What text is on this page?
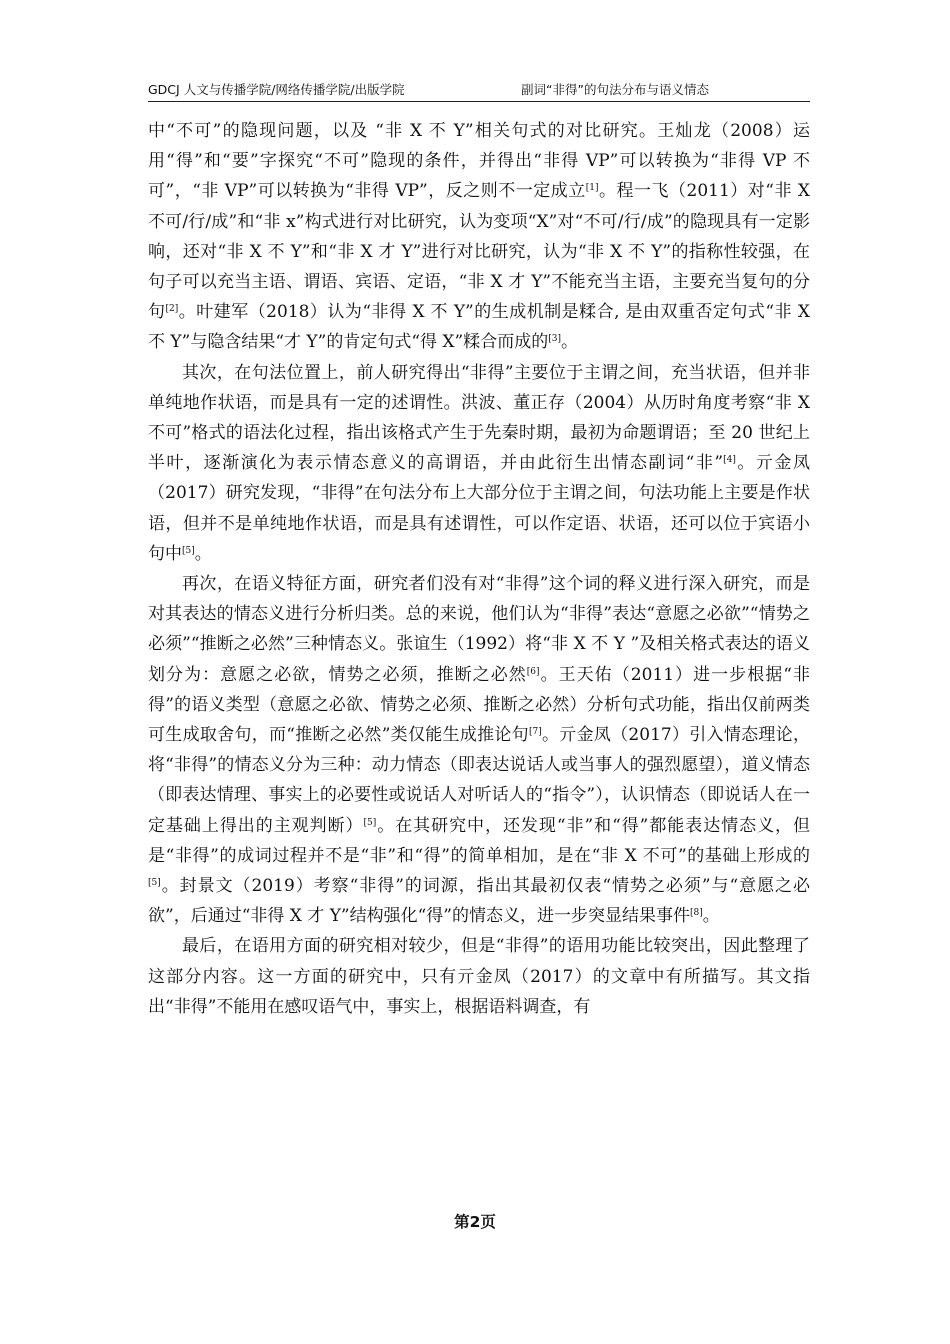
GDCJ 人文与传播学院/网络传播学院/出版学院	副词“非得”的句法分布与语义情态

中“不可”的隐现问题，以及 “非 X 不 Y”相关句式的对比研究。王灿龙（2008）运用“得”和“要”字探究“不可”隐现的条件，并得出“非得 VP”可以转换为“非得 VP 不可”，“非 VP”可以转换为“非得 VP”，反之则不一定成立[1]。程一飞（2011）对“非 X 不可/行/成”和“非 x”构式进行对比研究，认为变项“X”对“不可/行/成”的隐现具有一定影响，还对“非 X 不 Y”和“非 X 才 Y”进行对比研究，认为“非 X 不 Y”的指称性较强，在句子可以充当主语、谓语、宾语、定语，“非 X 才 Y”不能充当主语，主要充当复句的分句[2]。叶建军（2018）认为“非得 X 不 Y”的生成机制是糅合, 是由双重否定句式“非 X 不 Y”与隐含结果“才 Y”的肯定句式“得 X”糅合而成的[3]。

其次，在句法位置上，前人研究得出“非得”主要位于主谓之间，充当状语，但并非单纯地作状语，而是具有一定的述谓性。洪波、董正存（2004）从历时角度考察“非 X 不可”格式的语法化过程，指出该格式产生于先秦时期，最初为命题谓语；至 20 世纪上半叶，逐渐演化为表示情态意义的高谓语，并由此衍生出情态副词“非”[4]。亓金凤（2017）研究发现，“非得”在句法分布上大部分位于主谓之间，句法功能上主要是作状语，但并不是单纯地作状语，而是具有述谓性，可以作定语、状语，还可以位于宾语小句中[5]。

再次，在语义特征方面，研究者们没有对“非得”这个词的释义进行深入研究，而是对其表达的情态义进行分析归类。总的来说，他们认为“非得”表达“意愿之必欲”“情势之必须”“推断之必然”三种情态义。张谊生（1992）将“非 X 不 Y ”及相关格式表达的语义划分为：意愿之必欲，情势之必须，推断之必然[6]。王天佑（2011）进一步根据“非得”的语义类型（意愿之必欲、情势之必须、推断之必然）分析句式功能，指出仅前两类可生成取舍句，而“推断之必然”类仅能生成推论句[7]。亓金凤（2017）引入情态理论，将“非得”的情态义分为三种：动力情态（即表达说话人或当事人的强烈愿望），道义情态（即表达情理、事实上的必要性或说话人对听话人的“指令”），认识情态（即说话人在一定基础上得出的主观判断）[5]。在其研究中，还发现“非”和“得”都能表达情态义，但是“非得”的成词过程并不是“非”和“得”的简单相加，是在“非 X 不可”的基础上形成的[5]。封景文（2019）考察“非得”的词源，指出其最初仅表“情势之必须”与“意愿之必欲”，后通过“非得 X 才 Y”结构强化“得”的情态义，进一步突显结果事件[8]。

最后，在语用方面的研究相对较少，但是“非得”的语用功能比较突出，因此整理了这部分内容。这一方面的研究中，只有亓金凤（2017）的文章中有所描写。其文指出“非得”不能用在感叹语气中，事实上，根据语料调查，有

第2页
